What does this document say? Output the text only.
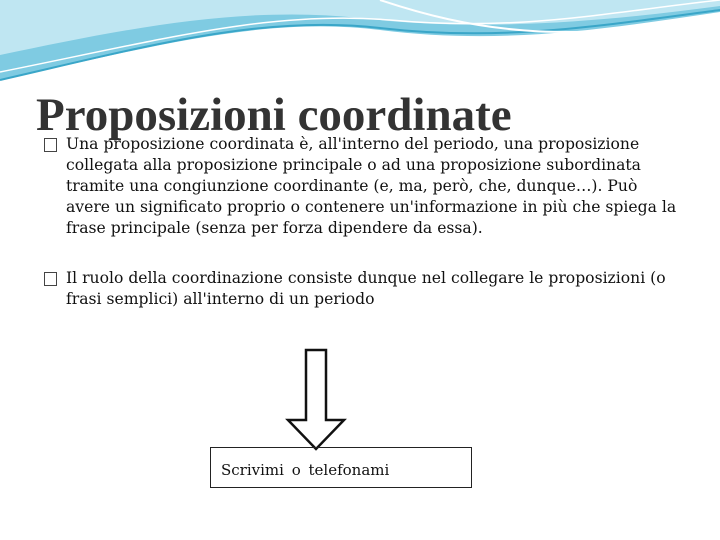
Proposizioni coordinate

Una proposizione coordinata è, all'interno del periodo, una proposizione collegata alla proposizione principale o ad una proposizione subordinata tramite una congiunzione coordinante (e, ma, però, che, dunque…). Può avere un significato proprio o contenere un'informazione in più che spiega la frase principale (senza per forza dipendere da essa).

Il ruolo della coordinazione consiste dunque nel collegare le proposizioni (o frasi semplici) all'interno di un periodo

Scrivimi o telefonami
